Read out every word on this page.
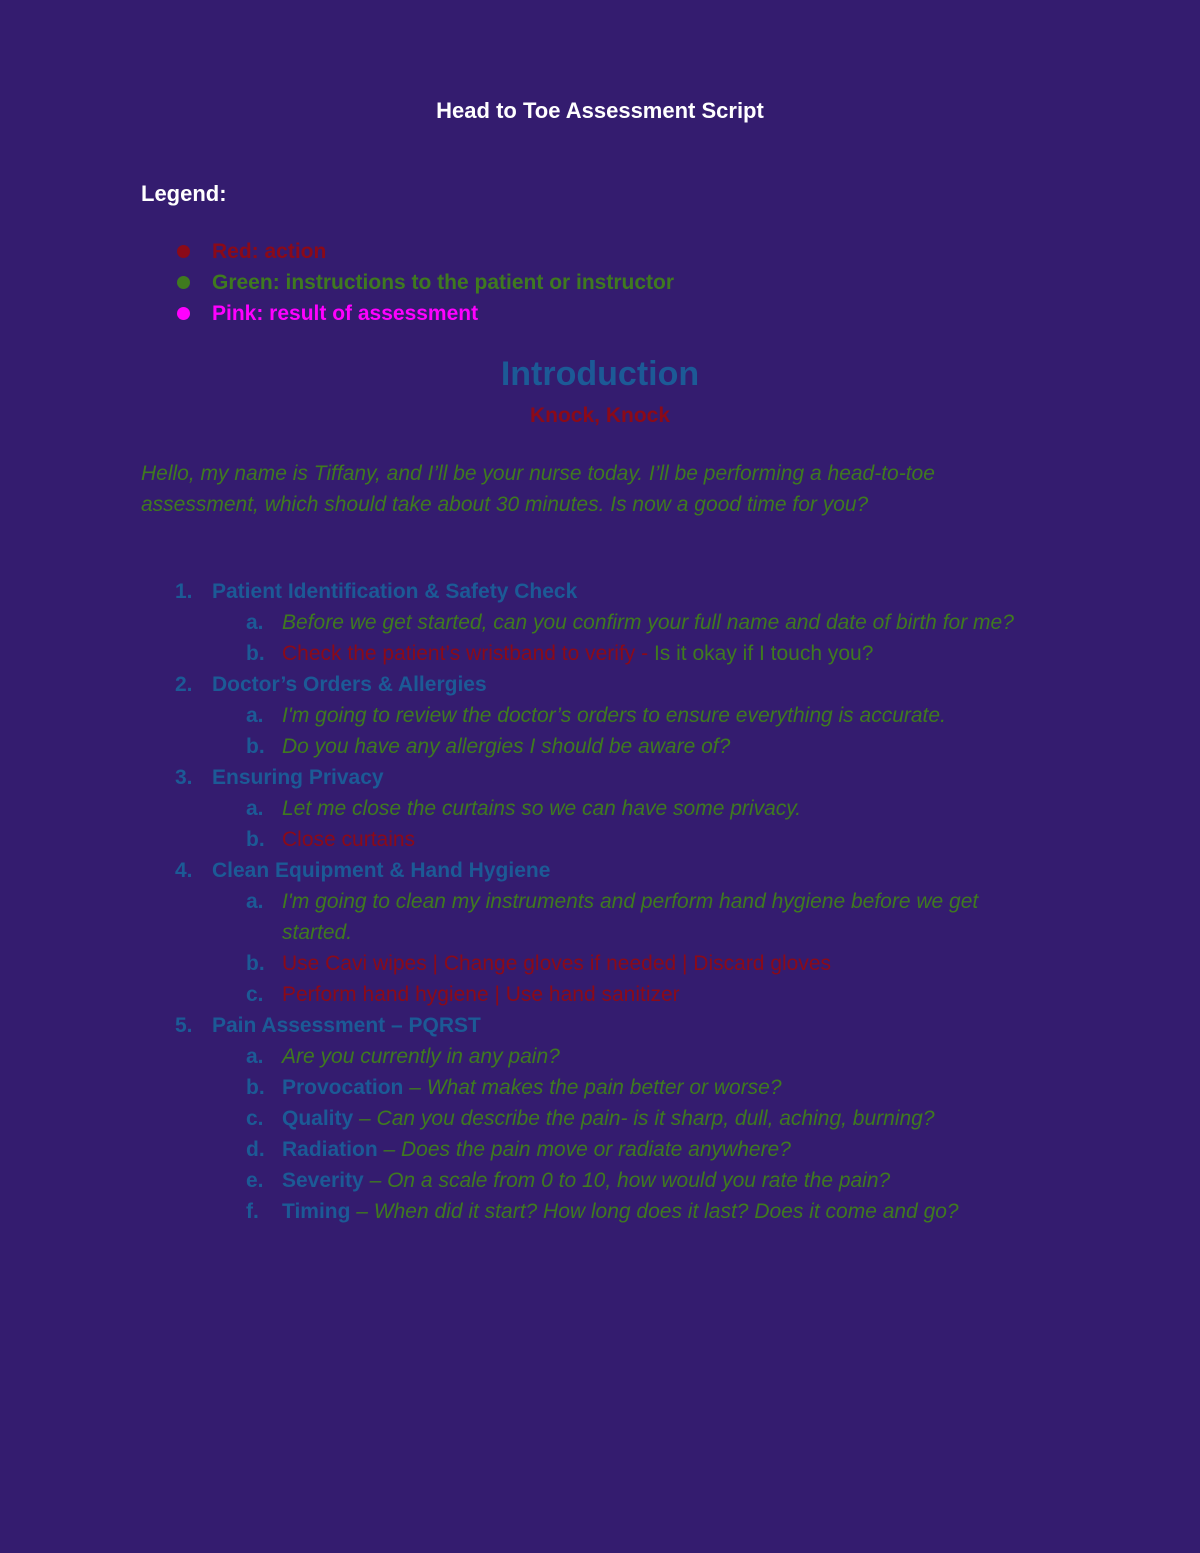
Head to Toe Assessment Script
Legend:
Red: action
Green: instructions to the patient or instructor
Pink: result of assessment
Introduction
Knock, Knock
Hello, my name is Tiffany, and I’ll be your nurse today. I’ll be performing a head-to-toe assessment, which should take about 30 minutes. Is now a good time for you?
1. Patient Identification & Safety Check
a. Before we get started, can you confirm your full name and date of birth for me?
b. Check the patient’s wristband to verify - Is it okay if I touch you?
2. Doctor’s Orders & Allergies
a. I'm going to review the doctor’s orders to ensure everything is accurate.
b. Do you have any allergies I should be aware of?
3. Ensuring Privacy
a. Let me close the curtains so we can have some privacy.
b. Close curtains
4. Clean Equipment & Hand Hygiene
a. I'm going to clean my instruments and perform hand hygiene before we get started.
b. Use Cavi wipes | Change gloves if needed | Discard gloves
c. Perform hand hygiene | Use hand sanitizer
5. Pain Assessment – PQRST
a. Are you currently in any pain?
b. Provocation – What makes the pain better or worse?
c. Quality – Can you describe the pain- is it sharp, dull, aching, burning?
d. Radiation – Does the pain move or radiate anywhere?
e. Severity – On a scale from 0 to 10, how would you rate the pain?
f.	Timing – When did it start? How long does it last? Does it come and go?
